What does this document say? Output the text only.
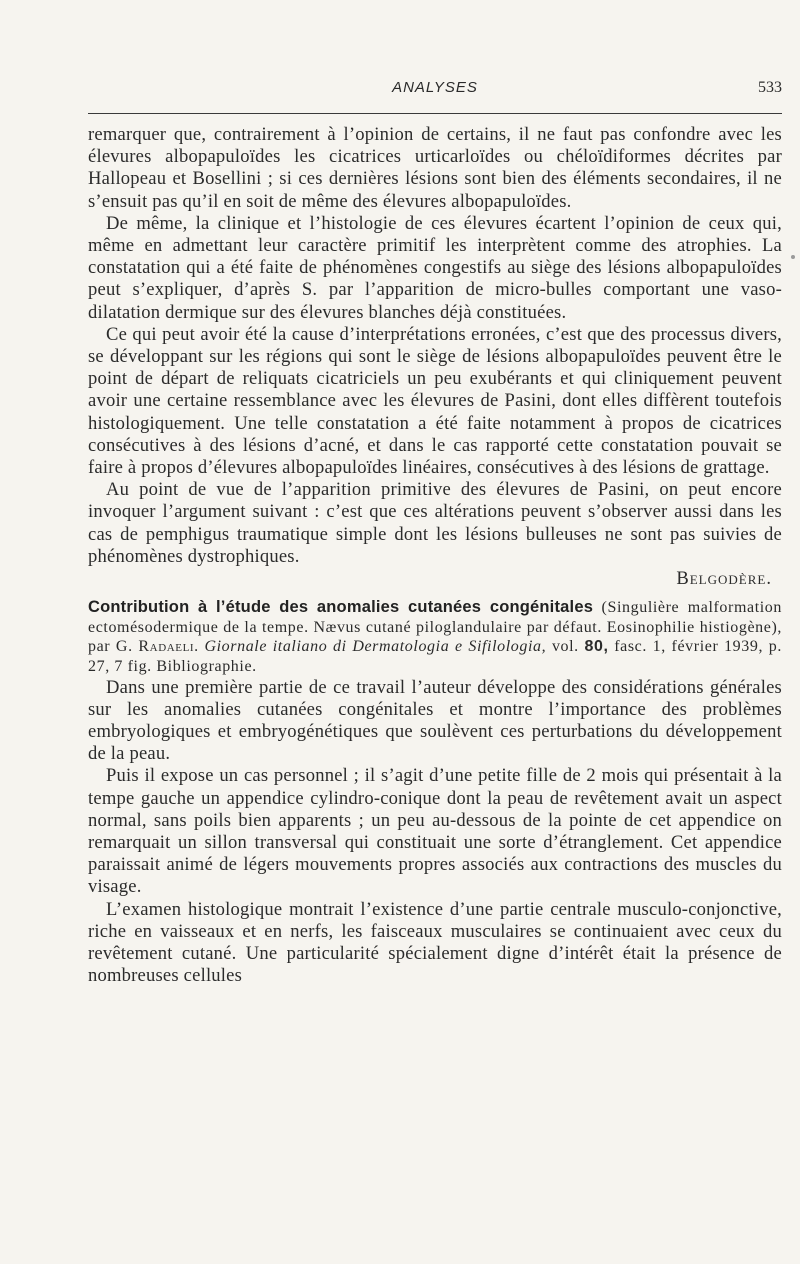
ANALYSES	533

remarquer que, contrairement à l’opinion de certains, il ne faut pas confondre avec les élevures albopapuloïdes les cicatrices urticarloïdes ou chéloïdiformes décrites par Hallopeau et Bosellini ; si ces dernières lésions sont bien des éléments secondaires, il ne s’ensuit pas qu’il en soit de même des élevures albopapuloïdes.

De même, la clinique et l’histologie de ces élevures écartent l’opinion de ceux qui, même en admettant leur caractère primitif les interprètent comme des atrophies. La constatation qui a été faite de phénomènes congestifs au siège des lésions albopapuloïdes peut s’expliquer, d’après S. par l’apparition de micro-bulles comportant une vaso-dilatation dermique sur des élevures blanches déjà constituées.

Ce qui peut avoir été la cause d’interprétations erronées, c’est que des processus divers, se développant sur les régions qui sont le siège de lésions albopapuloïdes peuvent être le point de départ de reliquats cicatriciels un peu exubérants et qui cliniquement peuvent avoir une certaine ressemblance avec les élevures de Pasini, dont elles diffèrent toutefois histologiquement. Une telle constatation a été faite notamment à propos de cicatrices consécutives à des lésions d’acné, et dans le cas rapporté cette constatation pouvait se faire à propos d’élevures albopapuloïdes linéaires, consécutives à des lésions de grattage.

Au point de vue de l’apparition primitive des élevures de Pasini, on peut encore invoquer l’argument suivant : c’est que ces altérations peuvent s’observer aussi dans les cas de pemphigus traumatique simple dont les lésions bulleuses ne sont pas suivies de phénomènes dystrophiques.

Belgodère.

Contribution à l’étude des anomalies cutanées congénitales (Singulière malformation ectomésodermique de la tempe. Nævus cutané piloglandulaire par défaut. Eosinophilie histiogène), par G. Radaeli. Giornale italiano di Dermatologia e Sifilologia, vol. 80, fasc. 1, février 1939, p. 27, 7 fig. Bibliographie.

Dans une première partie de ce travail l’auteur développe des considérations générales sur les anomalies cutanées congénitales et montre l’importance des problèmes embryologiques et embryogénétiques que soulèvent ces perturbations du développement de la peau.

Puis il expose un cas personnel ; il s’agit d’une petite fille de 2 mois qui présentait à la tempe gauche un appendice cylindro-conique dont la peau de revêtement avait un aspect normal, sans poils bien apparents ; un peu au-dessous de la pointe de cet appendice on remarquait un sillon transversal qui constituait une sorte d’étranglement. Cet appendice paraissait animé de légers mouvements propres associés aux contractions des muscles du visage.

L’examen histologique montrait l’existence d’une partie centrale musculo-conjonctive, riche en vaisseaux et en nerfs, les faisceaux musculaires se continuaient avec ceux du revêtement cutané. Une particularité spécialement digne d’intérêt était la présence de nombreuses cellules
